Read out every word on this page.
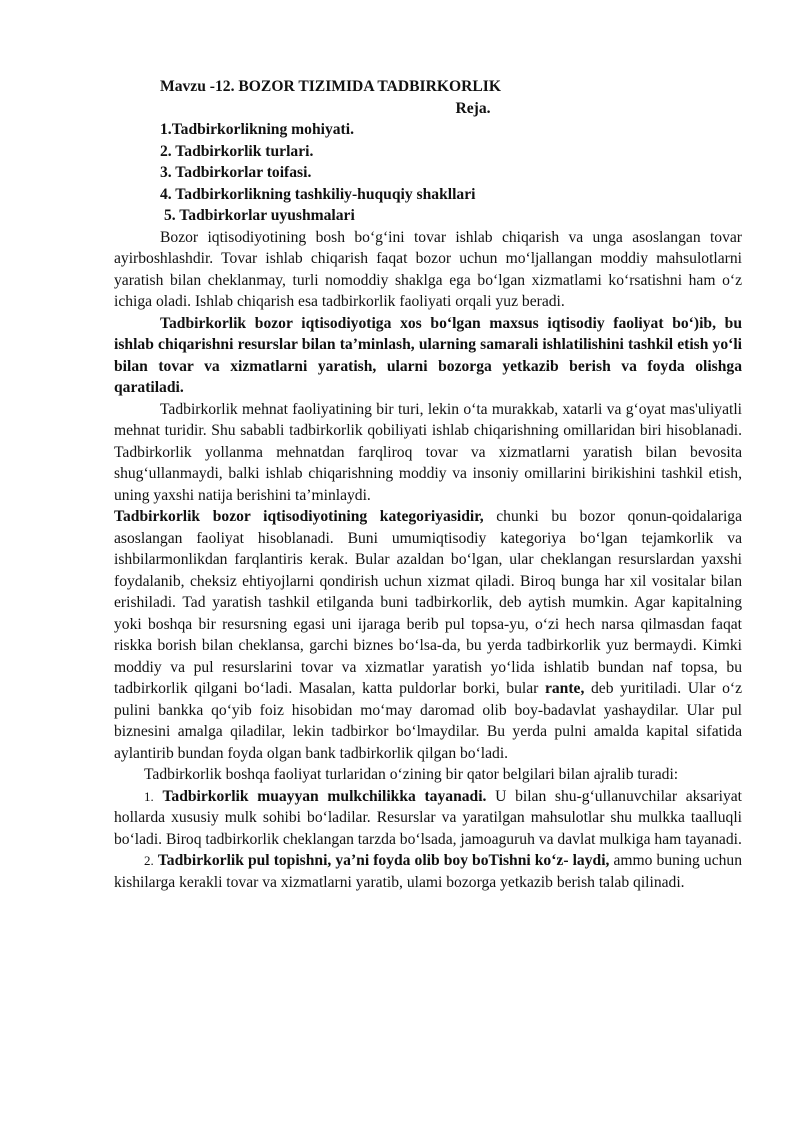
Mavzu -12. BOZOR TIZIMIDA TADBIRKORLIK
Reja.
1.Tadbirkorlikning mohiyati.
2. Tadbirkorlik turlari.
3. Tadbirkorlar toifasi.
4. Tadbirkorlikning tashkiliy-huquqiy shakllari
5. Tadbirkorlar uyushmalari

Bozor iqtisodiyotining bosh bo‘g‘ini tovar ishlab chiqarish va unga asoslangan tovar ayirboshlashdir. Tovar ishlab chiqarish faqat bozor uchun mo‘ljallangan moddiy mahsulotlarni yaratish bilan cheklanmay, turli nomoddiy shaklga ega bo‘lgan xizmatlami ko‘rsatishni ham o‘z ichiga oladi. Ishlab chiqarish esa tadbirkorlik faoliyati orqali yuz beradi.

Tadbirkorlik bozor iqtisodiyotiga xos bo‘lgan maxsus iqtisodiy faoliyat bo‘)ib, bu ishlab chiqarishni resurslar bilan ta’minlash, ularning samarali ishlatilishini tashkil etish yo‘li bilan tovar va xizmatlarni yaratish, ularni bozorga yetkazib berish va foyda olishga qaratiladi.

Tadbirkorlik mehnat faoliyatining bir turi, lekin o‘ta murakkab, xatarli va g‘oyat mas'uliyatli mehnat turidir. Shu sababli tadbirkorlik qobiliyati ishlab chiqarishning omillaridan biri hisoblanadi. Tadbirkorlik yollanma mehnatdan farqliroq tovar va xizmatlarni yaratish bilan bevosita shug‘ullanmaydi, balki ishlab chiqarishning moddiy va insoniy omillarini birikishini tashkil etish, uning yaxshi natija berishini ta’minlaydi.

Tadbirkorlik bozor iqtisodiyotining kategoriyasidir, chunki bu bozor qonun-qoidalariga asoslangan faoliyat hisoblanadi. Buni umumiqtisodiy kategoriya bo‘lgan tejamkorlik va ishbilarmonlikdan farqlantiris kerak. Bular azaldan bo‘lgan, ular cheklangan resurslardan yaxshi foydalanib, cheksiz ehtiyojlarni qondirish uchun xizmat qiladi. Biroq bunga har xil vositalar bilan erishiladi. Tad yaratish tashkil etilganda buni tadbirkorlik, deb aytish mumkin. Agar kapitalning yoki boshqa bir resursning egasi uni ijaraga berib pul topsa-yu, o‘zi hech narsa qilmasdan faqat riskka borish bilan cheklansa, garchi biznes bo‘lsa-da, bu yerda tadbirkorlik yuz bermaydi. Kimki moddiy va pul resurslarini tovar va xizmatlar yaratish yo‘lida ishlatib bundan naf topsa, bu tadbirkorlik qilgani bo‘ladi. Masalan, katta puldorlar borki, bular rante, deb yuritiladi. Ular o‘z pulini bankka qo‘yib foiz hisobidan mo‘may daromad olib boy-badavlat yashaydilar. Ular pul biznesini amalga qiladilar, lekin tadbirkor bo‘lmaydilar. Bu yerda pulni amalda kapital sifatida aylantirib bundan foyda olgan bank tadbirkorlik qilgan bo‘ladi.

Tadbirkorlik boshqa faoliyat turlaridan o‘zining bir qator belgilari bilan ajralib turadi:

1. Tadbirkorlik muayyan mulkchilikka tayanadi. U bilan shu-g‘ullanuvchilar aksariyat hollarda xususiy mulk sohibi bo‘ladilar. Resurslar va yaratilgan mahsulotlar shu mulkka taalluqli bo‘ladi. Biroq tadbirkorlik cheklangan tarzda bo‘lsada, jamoaguruh va davlat mulkiga ham tayanadi.

2. Tadbirkorlik pul topishni, ya’ni foyda olib boy boTishni ko‘z- laydi, ammo buning uchun kishilarga kerakli tovar va xizmatlarni yaratib, ulami bozorga yetkazib berish talab qilinadi.
